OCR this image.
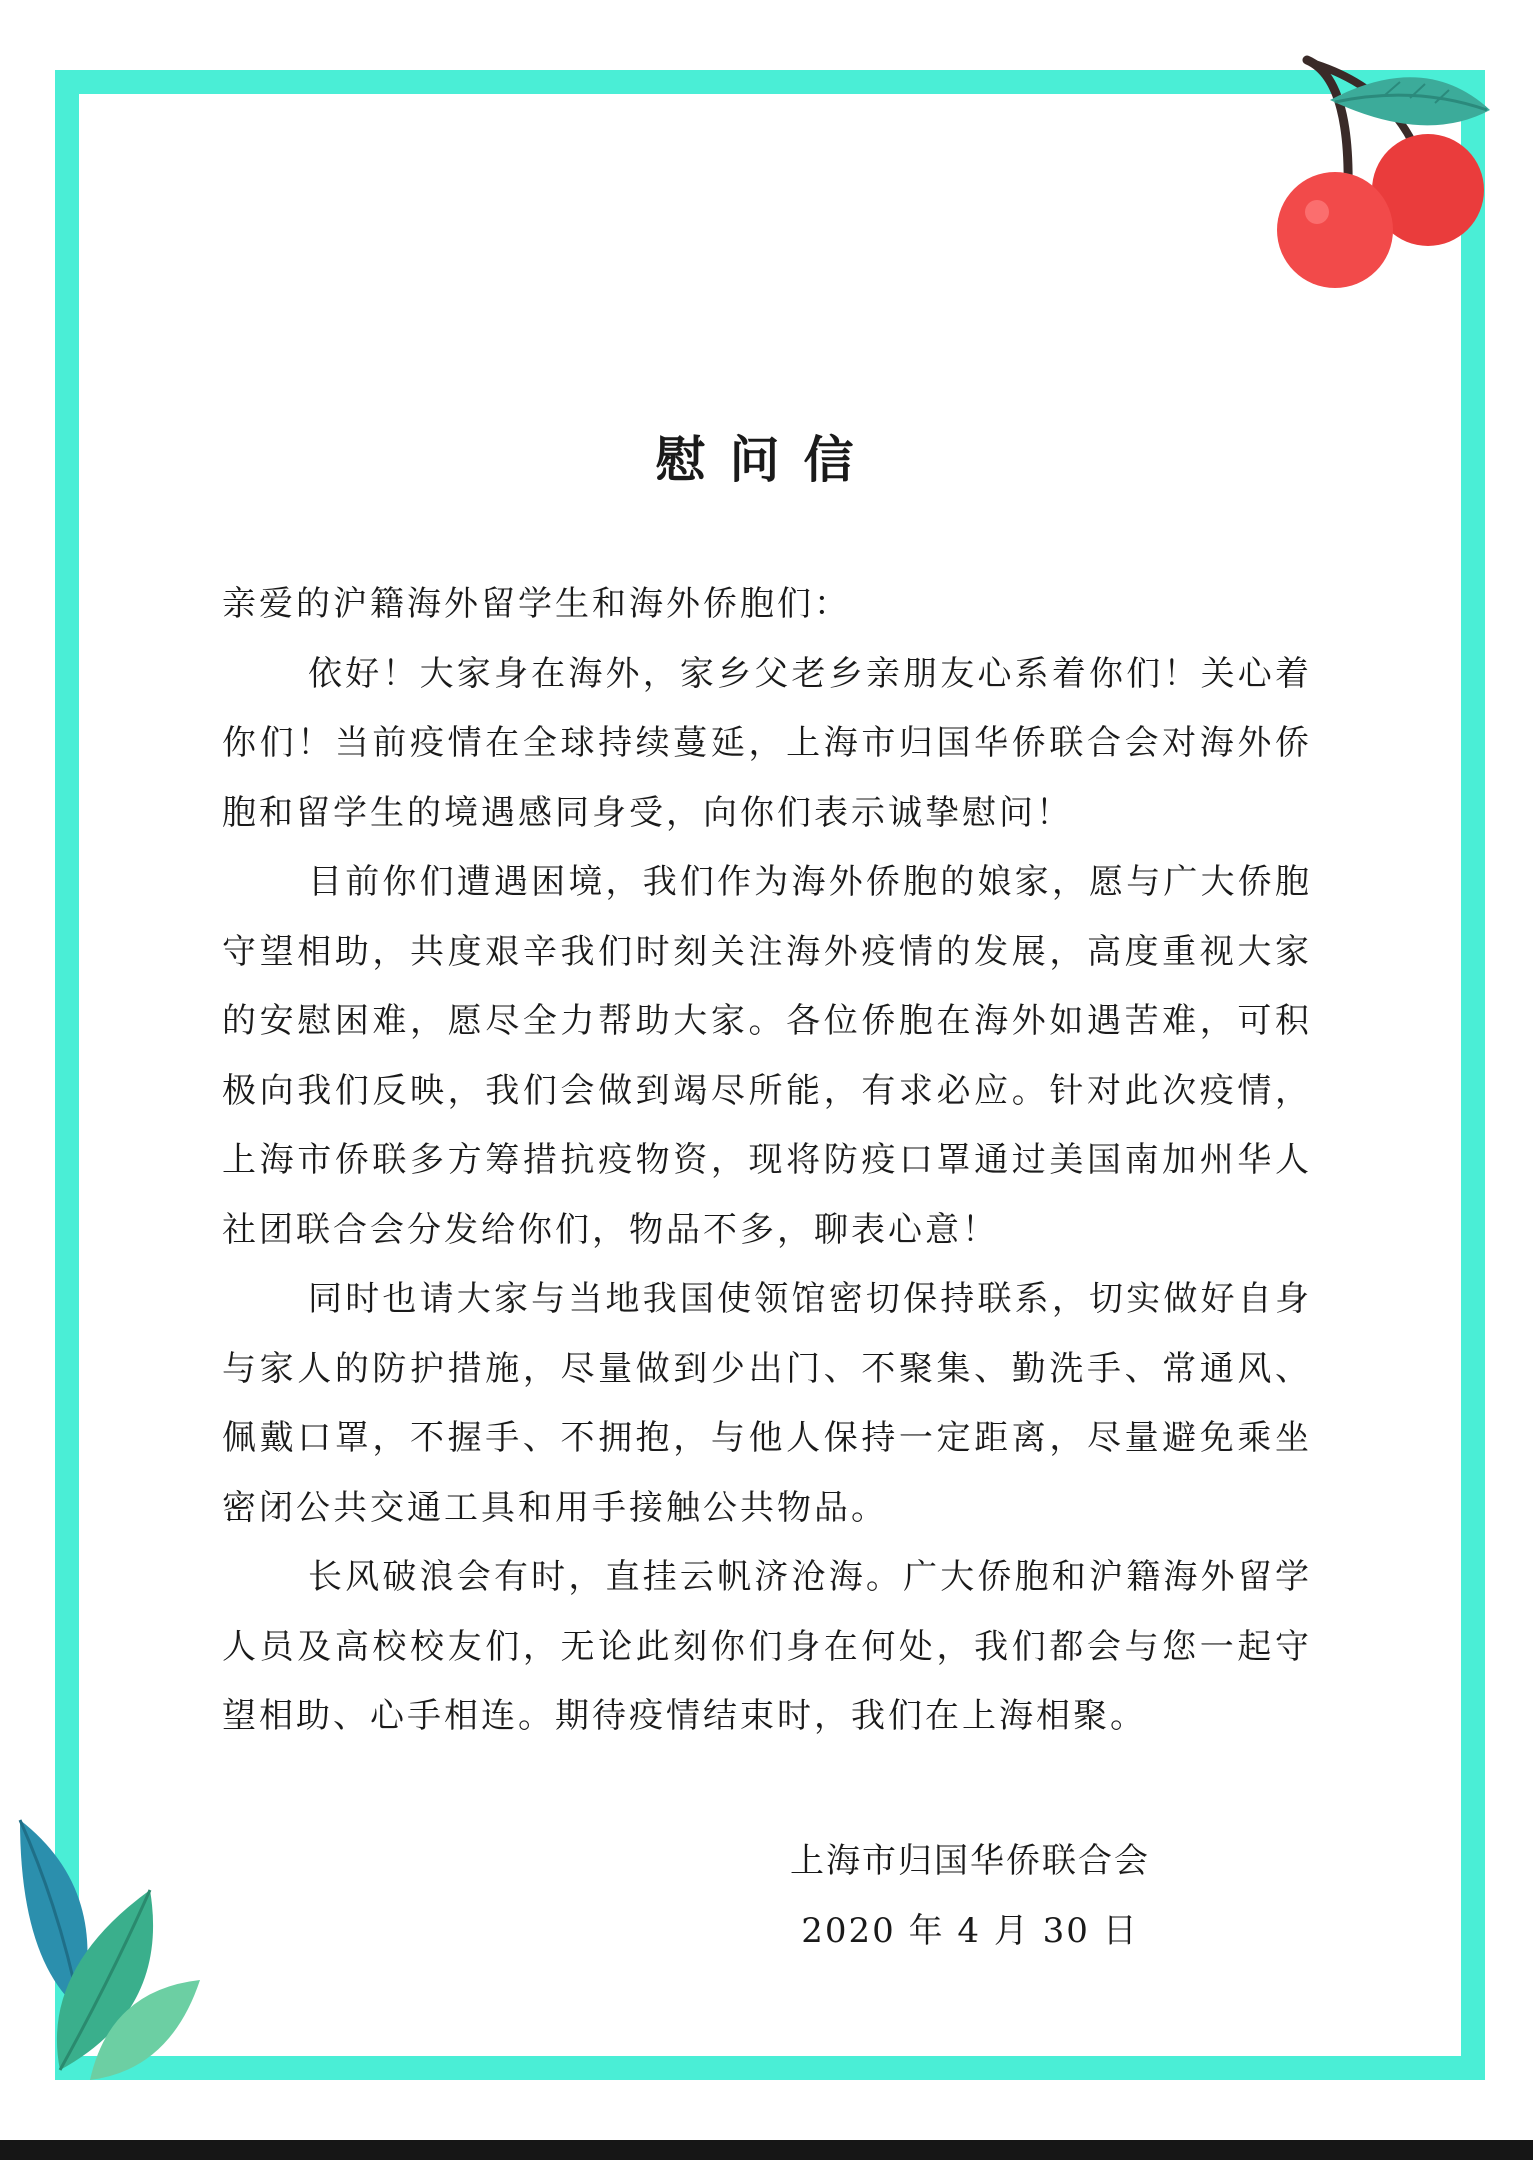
慰问信

亲爱的沪籍海外留学生和海外侨胞们：

依好！大家身在海外，家乡父老乡亲朋友心系着你们！关心着你们！当前疫情在全球持续蔓延，上海市归国华侨联合会对海外侨胞和留学生的境遇感同身受，向你们表示诚挚慰问！

目前你们遭遇困境，我们作为海外侨胞的娘家，愿与广大侨胞守望相助，共度艰辛我们时刻关注海外疫情的发展，高度重视大家的安慰困难，愿尽全力帮助大家。各位侨胞在海外如遇苦难，可积极向我们反映，我们会做到竭尽所能，有求必应。针对此次疫情，上海市侨联多方筹措抗疫物资，现将防疫口罩通过美国南加州华人社团联合会分发给你们，物品不多，聊表心意！

同时也请大家与当地我国使领馆密切保持联系，切实做好自身与家人的防护措施，尽量做到少出门、不聚集、勤洗手、常通风、佩戴口罩，不握手、不拥抱，与他人保持一定距离，尽量避免乘坐密闭公共交通工具和用手接触公共物品。

长风破浪会有时，直挂云帆济沧海。广大侨胞和沪籍海外留学人员及高校校友们，无论此刻你们身在何处，我们都会与您一起守望相助、心手相连。期待疫情结束时，我们在上海相聚。

上海市归国华侨联合会
2020 年 4 月 30 日
